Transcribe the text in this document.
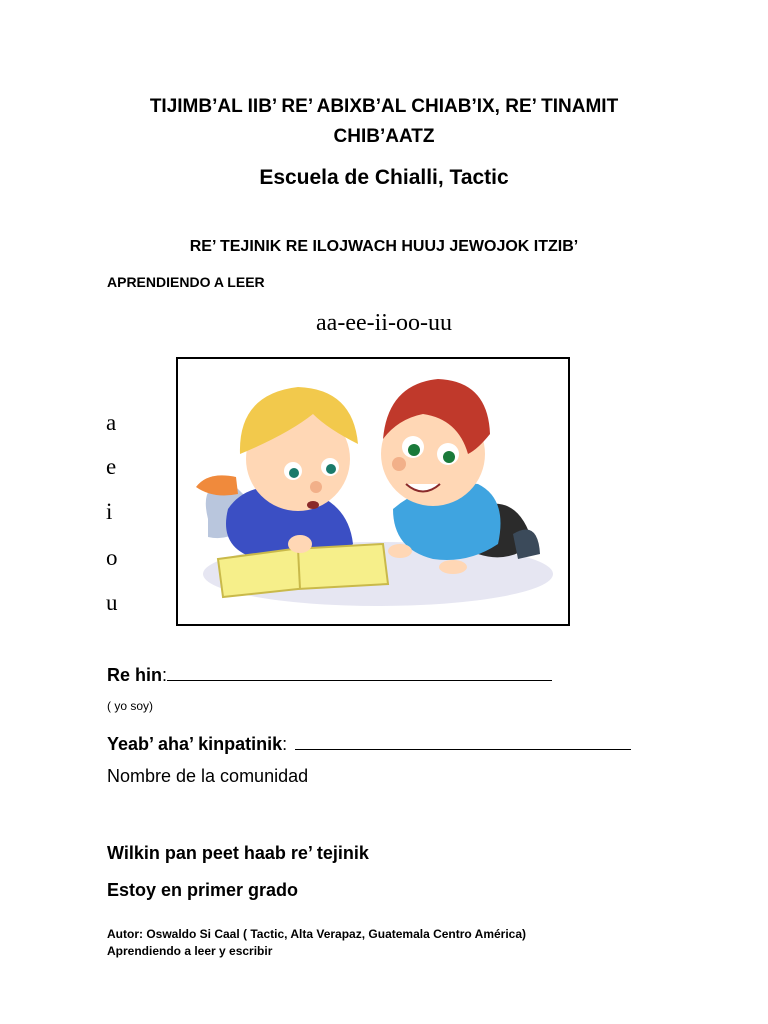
TIJIMB’AL IIB’ RE’ ABIXB’AL CHIAB’IX, RE’ TINAMIT
CHIB’AATZ
Escuela de Chialli, Tactic
RE’ TEJINIK RE ILOJWACH HUUJ JEWOJOK ITZIB’
APRENDIENDO A LEER
aa-ee-ii-oo-uu
a
e
i
o
u
Re hin:
( yo soy)
Yeab’ aha’ kinpatinik:
Nombre de la comunidad
Wilkin pan peet haab re’ tejinik
Estoy en primer grado
Autor: Oswaldo Si Caal ( Tactic, Alta Verapaz, Guatemala Centro América)
Aprendiendo a leer y escribir
